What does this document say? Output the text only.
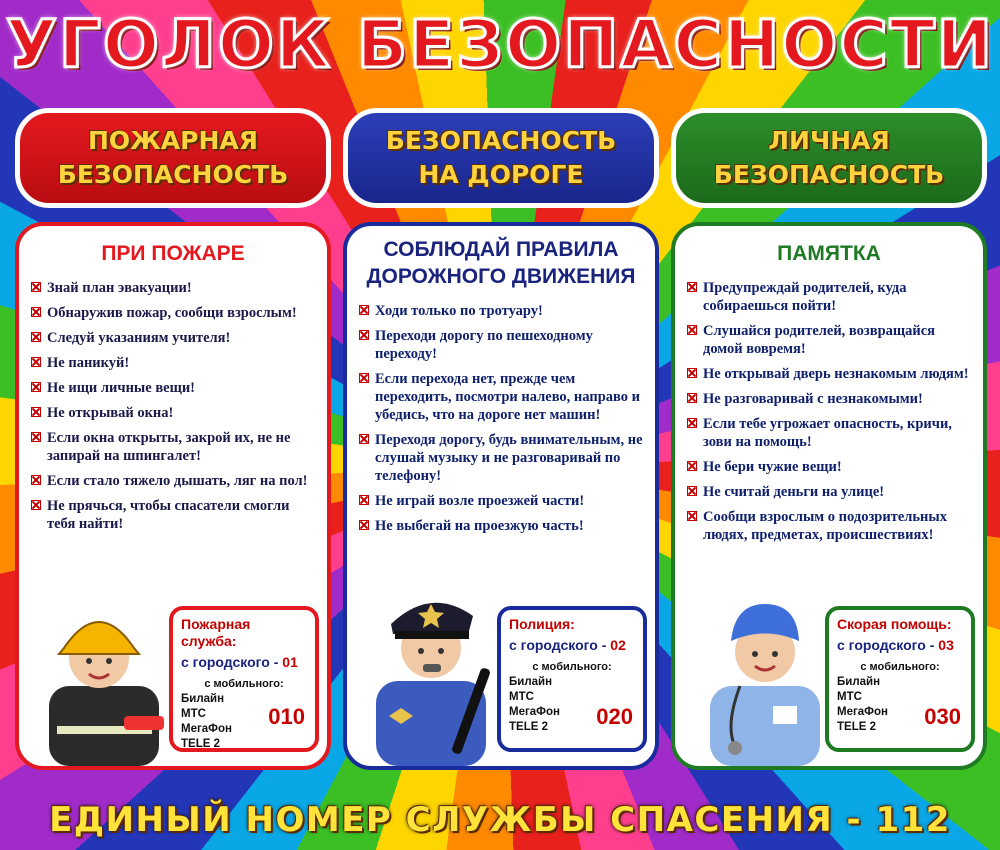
УГОЛОК БЕЗОПАСНОСТИ
ПОЖАРНАЯ
БЕЗОПАСНОСТЬ
БЕЗОПАСНОСТЬ
НА ДОРОГЕ
ЛИЧНАЯ
БЕЗОПАСНОСТЬ
ПРИ ПОЖАРЕ
Знай план эвакуации!
Обнаружив пожар, сообщи взрослым!
Следуй указаниям учителя!
Не паникуй!
Не ищи личные вещи!
Не открывай окна!
Если окна открыты, закрой их, не не запирай на шпингалет!
Если стало тяжело дышать, ляг на пол!
Не прячься, чтобы спасатели смогли тебя найти!
Пожарная служба:
с городского - 01
с мобильного:
Билайн
МТС
МегаФон
TELE 2
010
СОБЛЮДАЙ ПРАВИЛА
ДОРОЖНОГО ДВИЖЕНИЯ
Ходи только по тротуару!
Переходи дорогу по пешеходному переходу!
Если перехода нет, прежде чем переходить, посмотри налево, направо и убедись, что на дороге нет машин!
Переходя дорогу, будь внимательным, не слушай музыку и не разговаривай по телефону!
Не играй возле проезжей части!
Не выбегай на проезжую часть!
Полиция:
с городского - 02
с мобильного:
Билайн
МТС
МегаФон
TELE 2	020
ПАМЯТКА
Предупреждай родителей, куда собираешься пойти!
Слушайся родителей, возвращайся домой вовремя!
Не открывай дверь незнакомым людям!
Не разговаривай с незнакомыми!
Если тебе угрожает опасность, кричи, зови на помощь!
Не бери чужие вещи!
Не считай деньги на улице!
Сообщи взрослым о подозрительных людях, предметах, происшествиях!
Скорая помощь:
с городского - 03
с мобильного:
Билайн
МТС
МегаФон
TELE 2	030
ЕДИНЫЙ НОМЕР СЛУЖБЫ СПАСЕНИЯ - 112
